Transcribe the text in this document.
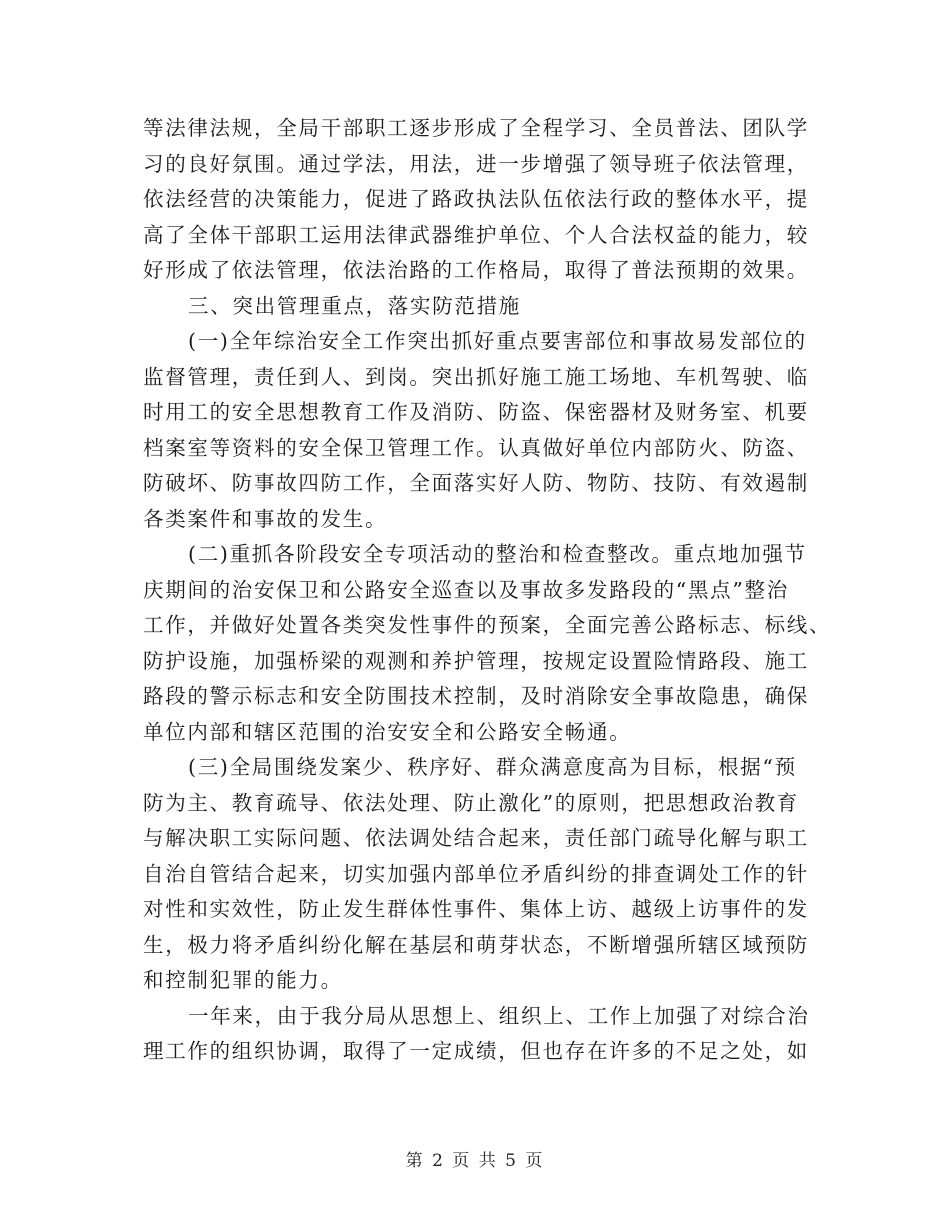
等法律法规，全局干部职工逐步形成了全程学习、全员普法、团队学
习的良好氛围。通过学法，用法，进一步增强了领导班子依法管理，
依法经营的决策能力，促进了路政执法队伍依法行政的整体水平，提
高了全体干部职工运用法律武器维护单位、个人合法权益的能力，较
好形成了依法管理，依法治路的工作格局，取得了普法预期的效果。

三、突出管理重点，落实防范措施

(一)全年综治安全工作突出抓好重点要害部位和事故易发部位的
监督管理，责任到人、到岗。突出抓好施工施工场地、车机驾驶、临
时用工的安全思想教育工作及消防、防盗、保密器材及财务室、机要
档案室等资料的安全保卫管理工作。认真做好单位内部防火、防盗、
防破坏、防事故四防工作，全面落实好人防、物防、技防、有效遏制
各类案件和事故的发生。

(二)重抓各阶段安全专项活动的整治和检查整改。重点地加强节
庆期间的治安保卫和公路安全巡查以及事故多发路段的“黑点”整治
工作，并做好处置各类突发性事件的预案，全面完善公路标志、标线、
防护设施，加强桥梁的观测和养护管理，按规定设置险情路段、施工
路段的警示标志和安全防围技术控制，及时消除安全事故隐患，确保
单位内部和辖区范围的治安安全和公路安全畅通。

(三)全局围绕发案少、秩序好、群众满意度高为目标，根据“预
防为主、教育疏导、依法处理、防止激化”的原则，把思想政治教育
与解决职工实际问题、依法调处结合起来，责任部门疏导化解与职工
自治自管结合起来，切实加强内部单位矛盾纠纷的排查调处工作的针
对性和实效性，防止发生群体性事件、集体上访、越级上访事件的发
生，极力将矛盾纠纷化解在基层和萌芽状态，不断增强所辖区域预防
和控制犯罪的能力。

一年来，由于我分局从思想上、组织上、工作上加强了对综合治
理工作的组织协调，取得了一定成绩，但也存在许多的不足之处，如

第 2 页 共 5 页
